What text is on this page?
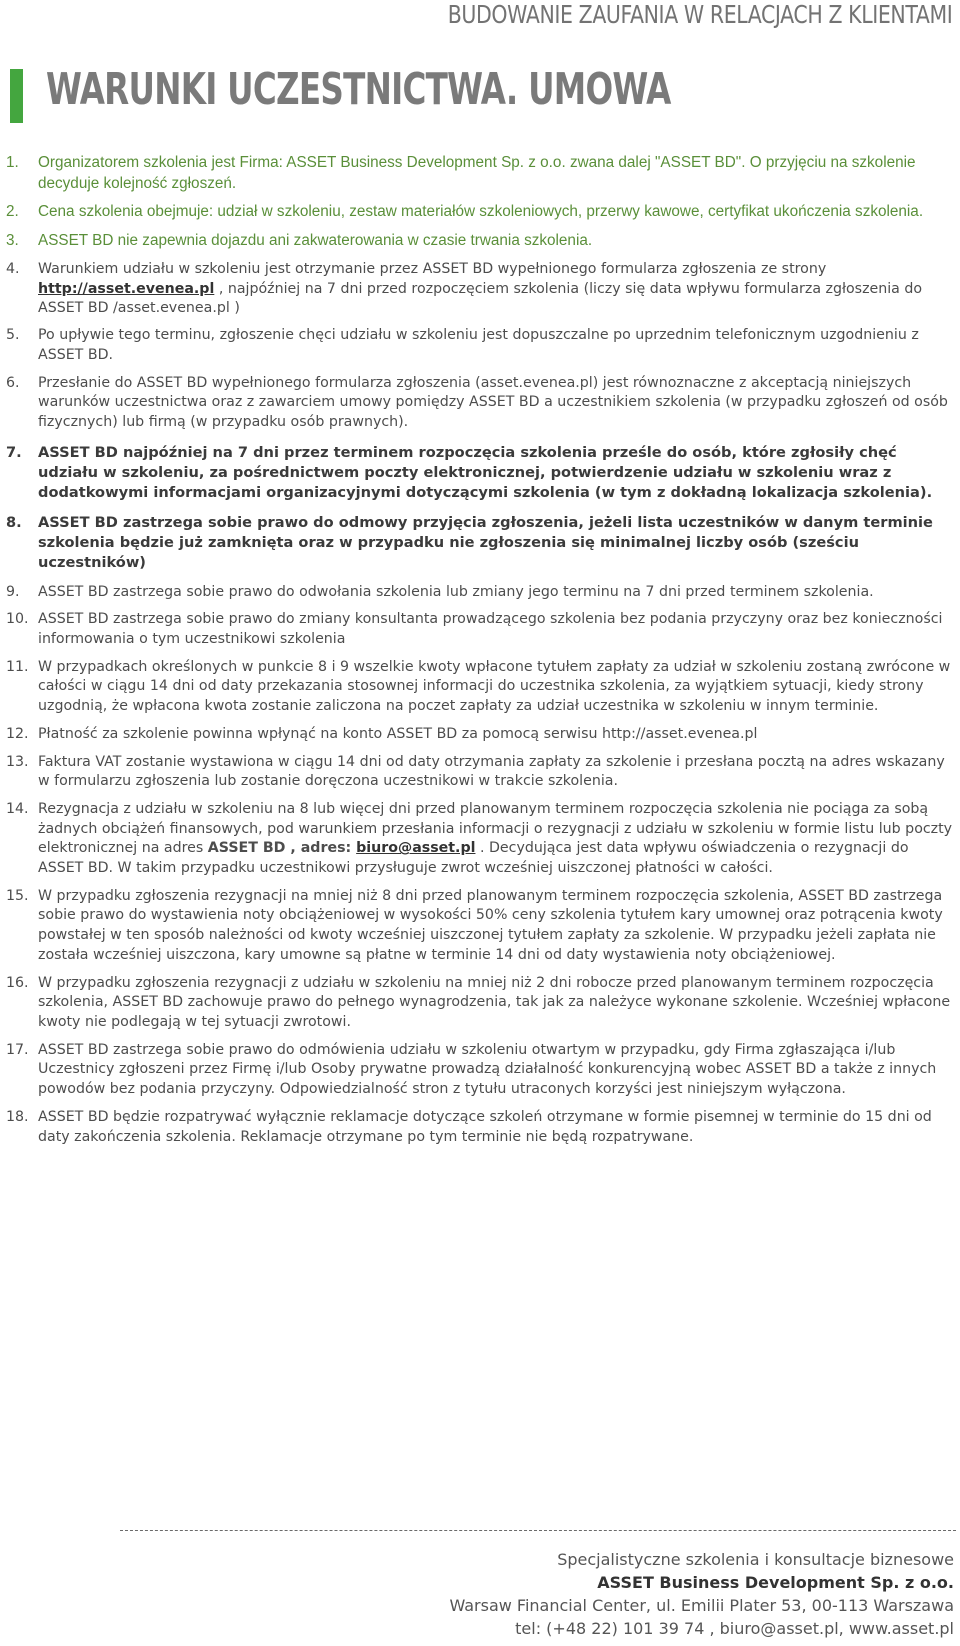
BUDOWANIE ZAUFANIA W RELACJACH Z KLIENTAMI
WARUNKI UCZESTNICTWA. UMOWA
1. Organizatorem szkolenia jest Firma: ASSET Business Development Sp. z o.o. zwana dalej "ASSET BD". O przyjęciu na szkolenie decyduje kolejność zgłoszeń.
2. Cena szkolenia obejmuje: udział w szkoleniu, zestaw materiałów szkoleniowych, przerwy kawowe, certyfikat ukończenia szkolenia.
3. ASSET BD nie zapewnia dojazdu ani zakwaterowania w czasie trwania szkolenia.
4. Warunkiem udziału w szkoleniu jest otrzymanie przez ASSET BD wypełnionego formularza zgłoszenia ze strony
http://asset.evenea.pl , najpóźniej na 7 dni przed rozpoczęciem szkolenia (liczy się data wpływu formularza zgłoszenia do ASSET BD /asset.evenea.pl )
5. Po upływie tego terminu, zgłoszenie chęci udziału w szkoleniu jest dopuszczalne po uprzednim telefonicznym uzgodnieniu z ASSET BD.
6. Przesłanie do ASSET BD wypełnionego formularza zgłoszenia (asset.evenea.pl) jest równoznaczne z akceptacją niniejszych warunków uczestnictwa oraz z zawarciem umowy pomiędzy ASSET BD a uczestnikiem szkolenia (w przypadku zgłoszeń od osób fizycznych) lub firmą (w przypadku osób prawnych).
7. ASSET BD najpóźniej na 7 dni przez terminem rozpoczęcia szkolenia prześle do osób, które zgłosiły chęć udziału w szkoleniu, za pośrednictwem poczty elektronicznej, potwierdzenie udziału w szkoleniu wraz z dodatkowymi informacjami organizacyjnymi dotyczącymi szkolenia (w tym z dokładną lokalizacja szkolenia).
8. ASSET BD zastrzega sobie prawo do odmowy przyjęcia zgłoszenia, jeżeli lista uczestników w danym terminie szkolenia będzie już zamknięta oraz w przypadku nie zgłoszenia się minimalnej liczby osób (sześciu uczestników)
9. ASSET BD zastrzega sobie prawo do odwołania szkolenia lub zmiany jego terminu na 7 dni przed terminem szkolenia.
10. ASSET BD zastrzega sobie prawo do zmiany konsultanta prowadzącego szkolenia bez podania przyczyny oraz bez konieczności informowania o tym uczestnikowi szkolenia
11. W przypadkach określonych w punkcie 8 i 9 wszelkie kwoty wpłacone tytułem zapłaty za udział w szkoleniu zostaną zwrócone w całości w ciągu 14 dni od daty przekazania stosownej informacji do uczestnika szkolenia, za wyjątkiem sytuacji, kiedy strony uzgodnią, że wpłacona kwota zostanie zaliczona na poczet zapłaty za udział uczestnika w szkoleniu w innym terminie.
12. Płatność za szkolenie powinna wpłynąć na konto ASSET BD za pomocą serwisu http://asset.evenea.pl
13. Faktura VAT zostanie wystawiona w ciągu 14 dni od daty otrzymania zapłaty za szkolenie i przesłana pocztą na adres wskazany w formularzu zgłoszenia lub zostanie doręczona uczestnikowi w trakcie szkolenia.
14. Rezygnacja z udziału w szkoleniu na 8 lub więcej dni przed planowanym terminem rozpoczęcia szkolenia nie pociąga za sobą żadnych obciążeń finansowych, pod warunkiem przesłania informacji o rezygnacji z udziału w szkoleniu w formie listu lub poczty elektronicznej na adres ASSET BD , adres: biuro@asset.pl . Decydująca jest data wpływu oświadczenia o rezygnacji do ASSET BD. W takim przypadku uczestnikowi przysługuje zwrot wcześniej uiszczonej płatności w całości.
15. W przypadku zgłoszenia rezygnacji na mniej niż 8 dni przed planowanym terminem rozpoczęcia szkolenia, ASSET BD zastrzega sobie prawo do wystawienia noty obciążeniowej w wysokości 50% ceny szkolenia tytułem kary umownej oraz potrącenia kwoty powstałej w ten sposób należności od kwoty wcześniej uiszczonej tytułem zapłaty za szkolenie. W przypadku jeżeli zapłata nie została wcześniej uiszczona, kary umowne są płatne w terminie 14 dni od daty wystawienia noty obciążeniowej.
16. W przypadku zgłoszenia rezygnacji z udziału w szkoleniu na mniej niż 2 dni robocze przed planowanym terminem rozpoczęcia szkolenia, ASSET BD zachowuje prawo do pełnego wynagrodzenia, tak jak za należyce wykonane szkolenie. Wcześniej wpłacone kwoty nie podlegają w tej sytuacji zwrotowi.
17. ASSET BD zastrzega sobie prawo do odmówienia udziału w szkoleniu otwartym w przypadku, gdy Firma zgłaszająca i/lub Uczestnicy zgłoszeni przez Firmę i/lub Osoby prywatne prowadzą działalność konkurencyjną wobec ASSET BD a także z innych powodów bez podania przyczyny. Odpowiedzialność stron z tytułu utraconych korzyści jest niniejszym wyłączona.
18. ASSET BD będzie rozpatrywać wyłącznie reklamacje dotyczące szkoleń otrzymane w formie pisemnej w terminie do 15 dni od daty zakończenia szkolenia. Reklamacje otrzymane po tym terminie nie będą rozpatrywane.
Specjalistyczne szkolenia i konsultacje biznesowe
ASSET Business Development Sp. z o.o.
Warsaw Financial Center, ul. Emilii Plater 53, 00-113 Warszawa
tel: (+48 22) 101 39 74 , biuro@asset.pl, www.asset.pl
